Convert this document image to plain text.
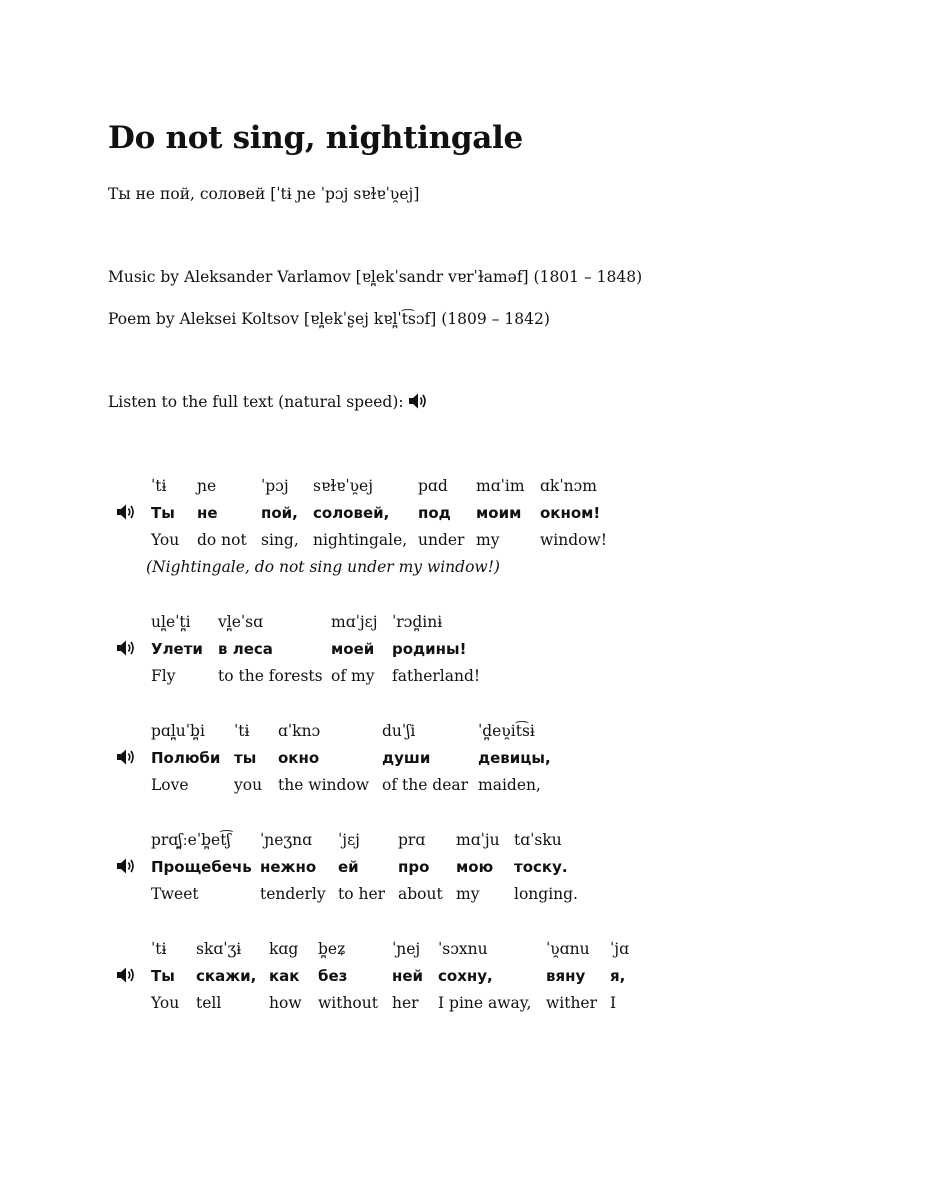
Do not sing, nightingale
Ты не пой, соловей [ˈtɨ ɲe ˈpɔj sɐɫɐˈʋ̯ej]
Music by Aleksander Varlamov [ɐl̪ekˈsandr vɐrˈɫaməf] (1801 – 1848)
Poem by Aleksei Koltsov [ɐl̪ekˈʂej kɐl̪ˈt͡sɔf] (1809 – 1842)
Listen to the full text (natural speed):
ˈtɨ
Ты
You
ɲe
не
do not
ˈpɔj
пой,
sing,
sɐɫɐˈʋ̯ej
соловей,
nightingale,
pɑd
под
under
mɑˈim
моим
my
ɑkˈnɔm
окном!
window!
(Nightingale, do not sing under my window!)
ul̪eˈt̪i
Улети
Fly
vl̪eˈsɑ
в леса
to the forests
mɑˈjɛj
моей
of my
ˈrɔd̪inɨ
родины!
fatherland!
pɑl̪uˈb̪i
Полюби
Love
ˈtɨ
ты
you
ɑˈknɔ
окно
the window
duˈʃi
души
of the dear
ˈd̪eʋ̯it͡sɨ
девицы,
maiden,
prɑʃ̪ːeˈb̪et͡ʃ
Прощебечь
Tweet
ˈɲeʒnɑ
нежно
tenderly
ˈjɛj
ей
to her
prɑ
про
about
mɑˈju
мою
my
tɑˈsku
тоску.
longing.
ˈtɨ
Ты
You
skɑˈʒɨ
скажи,
tell
kɑg
как
how
b̪eʑ
без
without
ˈɲej
ней
her
ˈsɔxnu
сохну,
I pine away,
ˈʋ̯ɑnu
вяну
wither
ˈjɑ
я,
I
